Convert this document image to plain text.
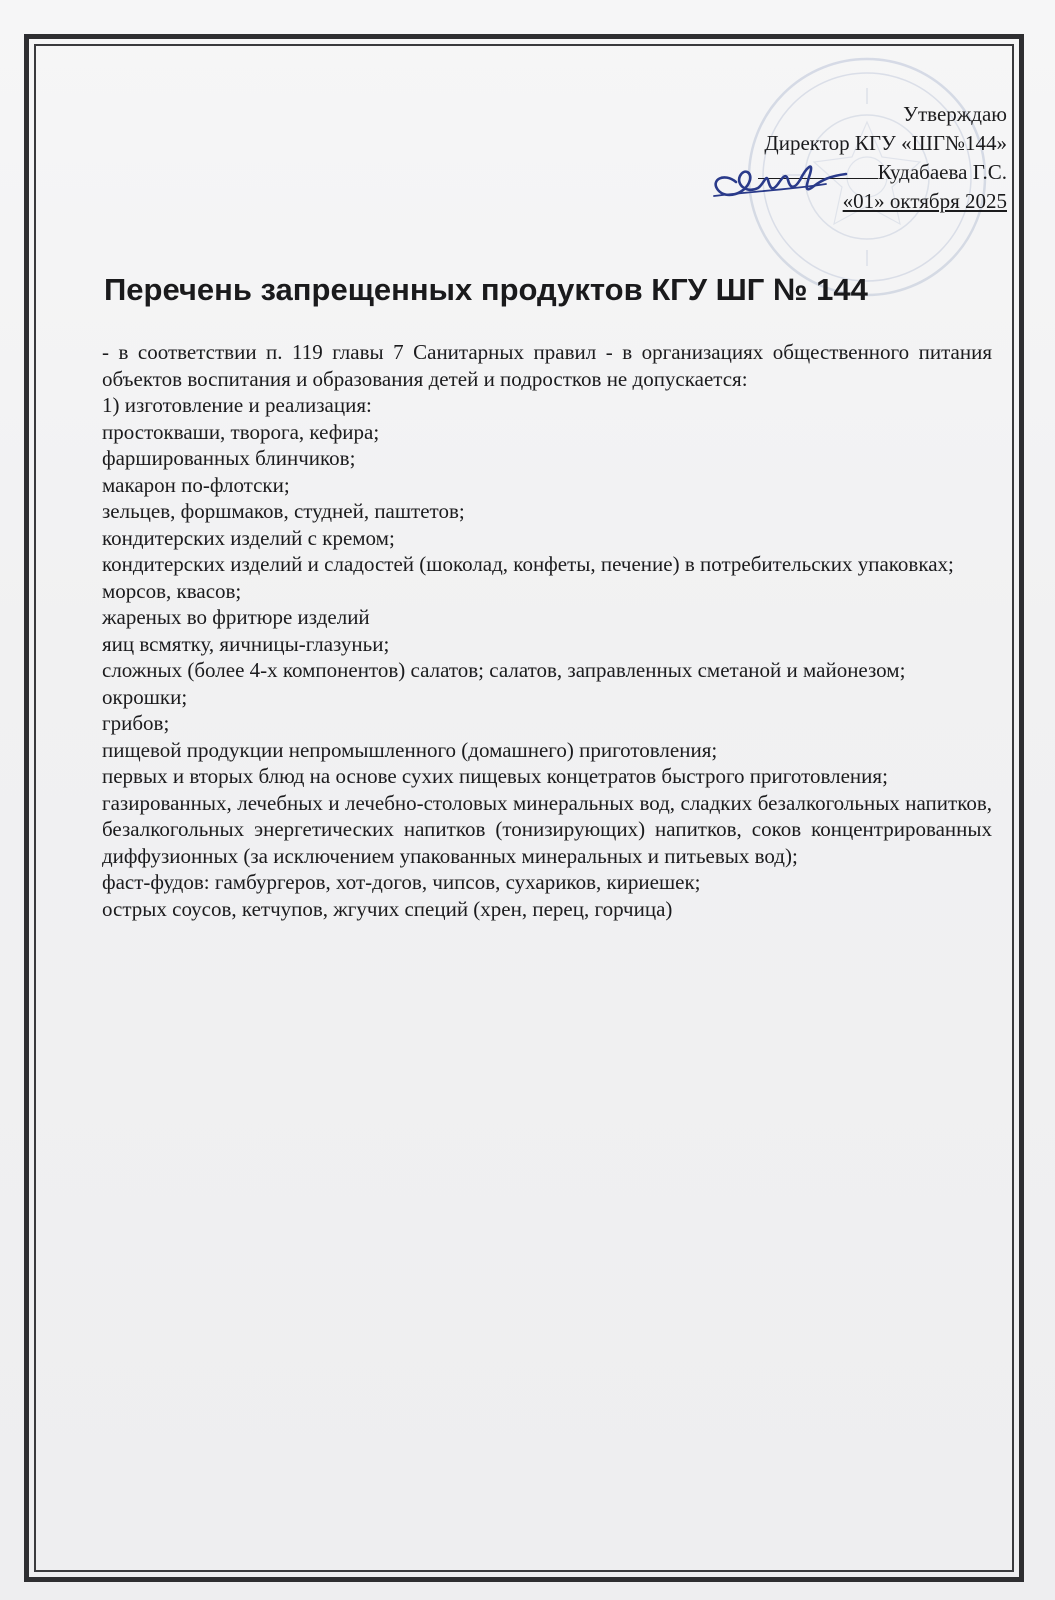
Утверждаю
Директор КГУ «ШГ№144»
Кудабаева Г.С.
«01» октября 2025
Перечень запрещенных продуктов КГУ ШГ № 144

- в соответствии п. 119 главы 7 Санитарных правил - в организациях общественного питания объектов воспитания и образования детей и подростков не допускается:

1) изготовление и реализация:

простокваши, творога, кефира;

фаршированных блинчиков;

макарон по-флотски;

зельцев, форшмаков, студней, паштетов;

кондитерских изделий с кремом;

кондитерских изделий и сладостей (шоколад, конфеты, печение) в потребительских упаковках;

морсов, квасов;

жареных во фритюре изделий

яиц всмятку, яичницы-глазуньи;

сложных (более 4-х компонентов) салатов; салатов, заправленных сметаной и майонезом;

окрошки;

грибов;

пищевой продукции непромышленного (домашнего) приготовления;

первых и вторых блюд на основе сухих пищевых концетратов быстрого приготовления;

газированных, лечебных и лечебно-столовых минеральных вод, сладких безалкогольных напитков, безалкогольных энергетических напитков (тонизирующих) напитков, соков концентрированных диффузионных (за исключением упакованных минеральных и питьевых вод);

фаст-фудов: гамбургеров, хот-догов, чипсов, сухариков, кириешек;

острых соусов, кетчупов, жгучих специй (хрен, перец, горчица)
